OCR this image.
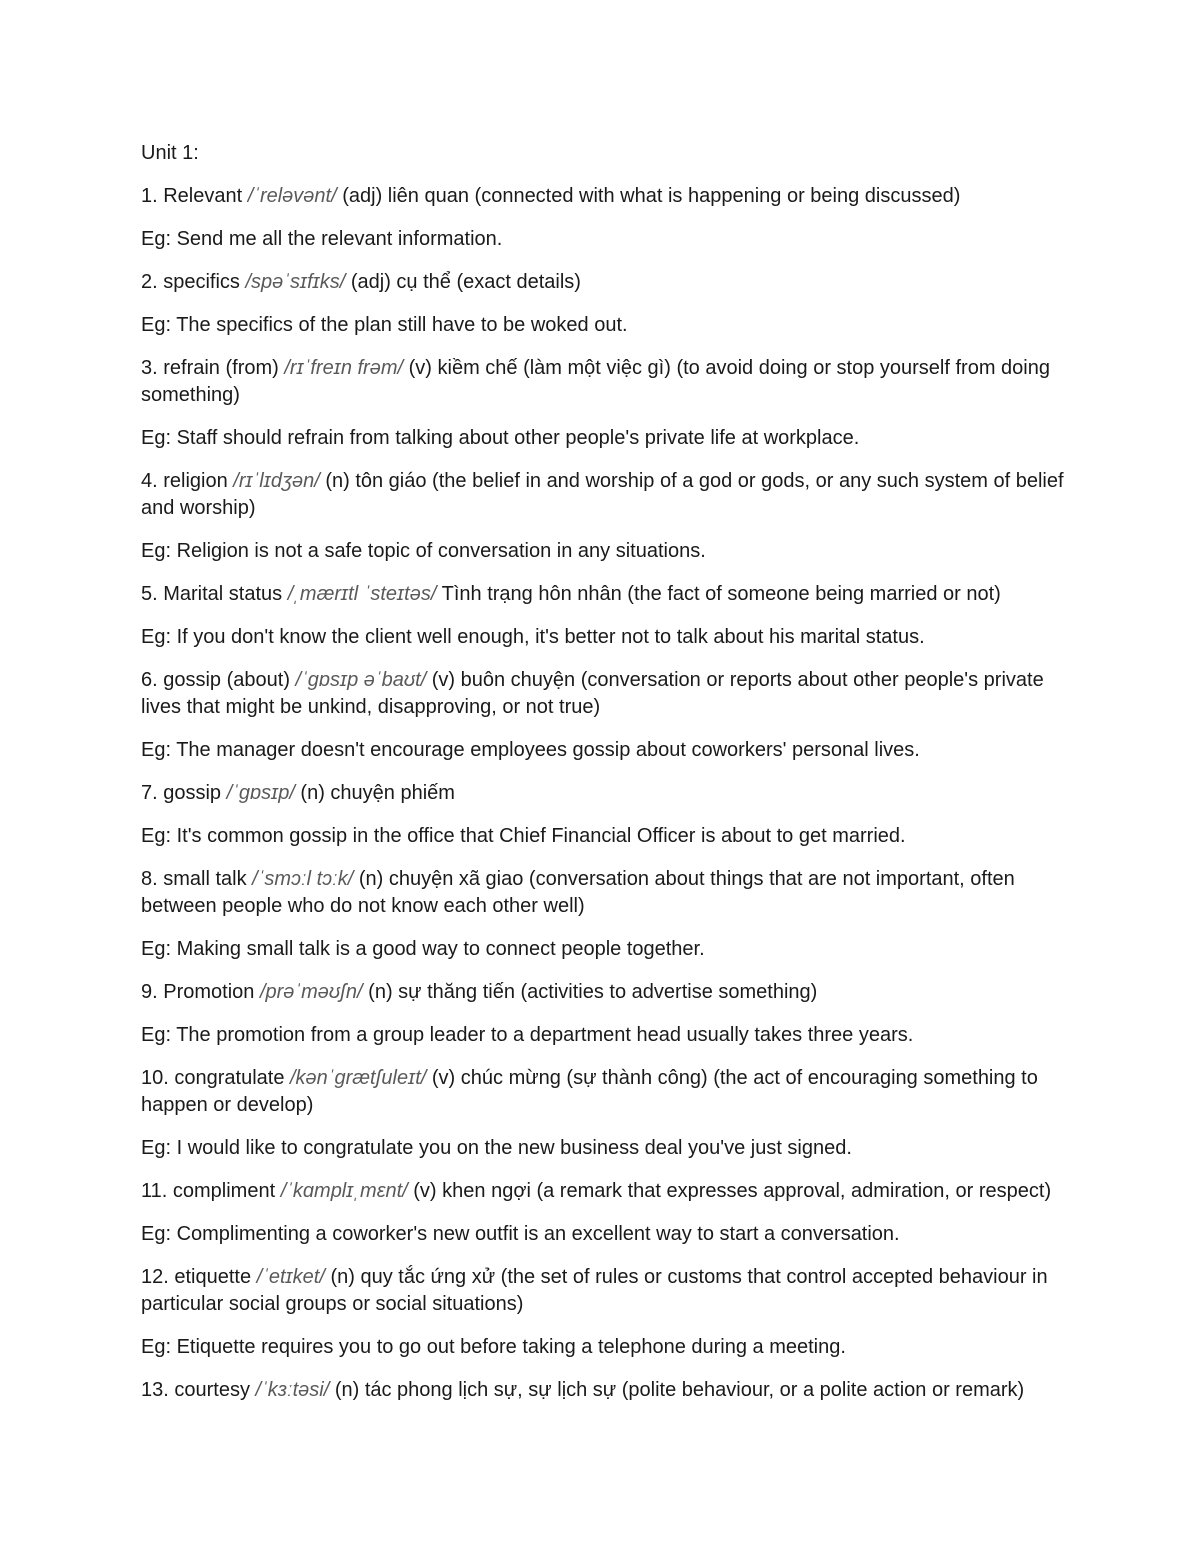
Unit 1:
1. Relevant /ˈreləvənt/ (adj) liên quan (connected with what is happening or being discussed)
Eg: Send me all the relevant information.
2. specifics /spəˈsɪfɪks/ (adj) cụ thể (exact details)
Eg: The specifics of the plan still have to be woked out.
3. refrain (from) /rɪˈfreɪn frəm/ (v) kiềm chế (làm một việc gì) (to avoid doing or stop yourself from doing something)
Eg: Staff should refrain from talking about other people's private life at workplace.
4. religion /rɪˈlɪdʒən/ (n) tôn giáo (the belief in and worship of a god or gods, or any such system of belief and worship)
Eg: Religion is not a safe topic of conversation in any situations.
5. Marital status /ˌmærɪtl ˈsteɪtəs/ Tình trạng hôn nhân (the fact of someone being married or not)
Eg: If you don't know the client well enough, it's better not to talk about his marital status.
6. gossip (about) /ˈɡɒsɪp əˈbaʊt/ (v) buôn chuyện (conversation or reports about other people's private lives that might be unkind, disapproving, or not true)
Eg: The manager doesn't encourage employees gossip about coworkers' personal lives.
7. gossip /ˈɡɒsɪp/ (n) chuyện phiếm
Eg: It's common gossip in the office that Chief Financial Officer is about to get married.
8. small talk /ˈsmɔːl tɔːk/ (n) chuyện xã giao (conversation about things that are not important, often between people who do not know each other well)
Eg: Making small talk is a good way to connect people together.
9. Promotion /prəˈməʊʃn/ (n) sự thăng tiến (activities to advertise something)
Eg: The promotion from a group leader to a department head usually takes three years.
10. congratulate /kənˈɡrætʃuleɪt/ (v) chúc mừng (sự thành công) (the act of encouraging something to happen or develop)
Eg: I would like to congratulate you on the new business deal you've just signed.
11. compliment /ˈkɑmplɪˌmɛnt/ (v) khen ngợi (a remark that expresses approval, admiration, or respect)
Eg: Complimenting a coworker's new outfit is an excellent way to start a conversation.
12. etiquette /ˈetɪket/ (n) quy tắc ứng xử (the set of rules or customs that control accepted behaviour in particular social groups or social situations)
Eg: Etiquette requires you to go out before taking a telephone during a meeting.
13. courtesy /ˈkɜːtəsi/ (n) tác phong lịch sự, sự lịch sự (polite behaviour, or a polite action or remark)
